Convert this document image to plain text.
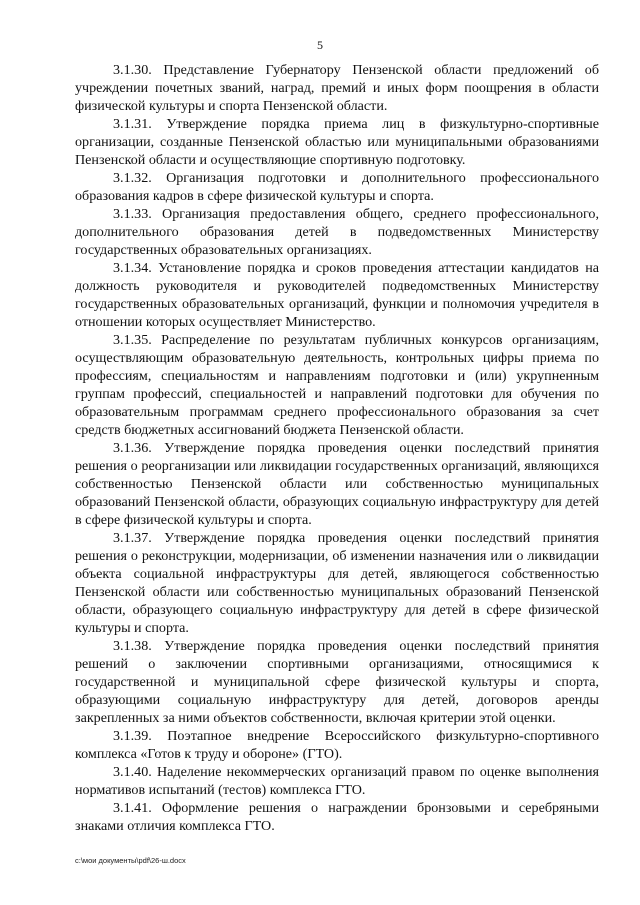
5

3.1.30. Представление Губернатору Пензенской области предложений об учреждении почетных званий, наград, премий и иных форм поощрения в области физической культуры и спорта Пензенской области.

3.1.31. Утверждение порядка приема лиц в физкультурно-спортивные организации, созданные Пензенской областью или муниципальными образованиями Пензенской области и осуществляющие спортивную подготовку.

3.1.32. Организация подготовки и дополнительного профессионального образования кадров в сфере физической культуры и спорта.

3.1.33. Организация предоставления общего, среднего профессионального, дополнительного образования детей в подведомственных Министерству государственных образовательных организациях.

3.1.34. Установление порядка и сроков проведения аттестации кандидатов на должность руководителя и руководителей подведомственных Министерству государственных образовательных организаций, функции и полномочия учредителя в отношении которых осуществляет Министерство.

3.1.35. Распределение по результатам публичных конкурсов организациям, осуществляющим образовательную деятельность, контрольных цифры приема по профессиям, специальностям и направлениям подготовки и (или) укрупненным группам профессий, специальностей и направлений подготовки для обучения по образовательным программам среднего профессионального образования за счет средств бюджетных ассигнований бюджета Пензенской области.

3.1.36. Утверждение порядка проведения оценки последствий принятия решения о реорганизации или ликвидации государственных организаций, являющихся собственностью Пензенской области или собственностью муниципальных образований Пензенской области, образующих социальную инфраструктуру для детей в сфере физической культуры и спорта.

3.1.37. Утверждение порядка проведения оценки последствий принятия решения о реконструкции, модернизации, об изменении назначения или о ликвидации объекта социальной инфраструктуры для детей, являющегося собственностью Пензенской области или собственностью муниципальных образований Пензенской области, образующего социальную инфраструктуру для детей в сфере физической культуры и спорта.

3.1.38. Утверждение порядка проведения оценки последствий принятия решений о заключении спортивными организациями, относящимися к государственной и муниципальной сфере физической культуры и спорта, образующими социальную инфраструктуру для детей, договоров аренды закрепленных за ними объектов собственности, включая критерии этой оценки.

3.1.39. Поэтапное внедрение Всероссийского физкультурно-спортивного комплекса «Готов к труду и обороне» (ГТО).

3.1.40. Наделение некоммерческих организаций правом по оценке выполнения нормативов испытаний (тестов) комплекса ГТО.

3.1.41. Оформление решения о награждении бронзовыми и серебряными знаками отличия комплекса ГТО.

c:\мои документы\pdf\26-ш.docx
